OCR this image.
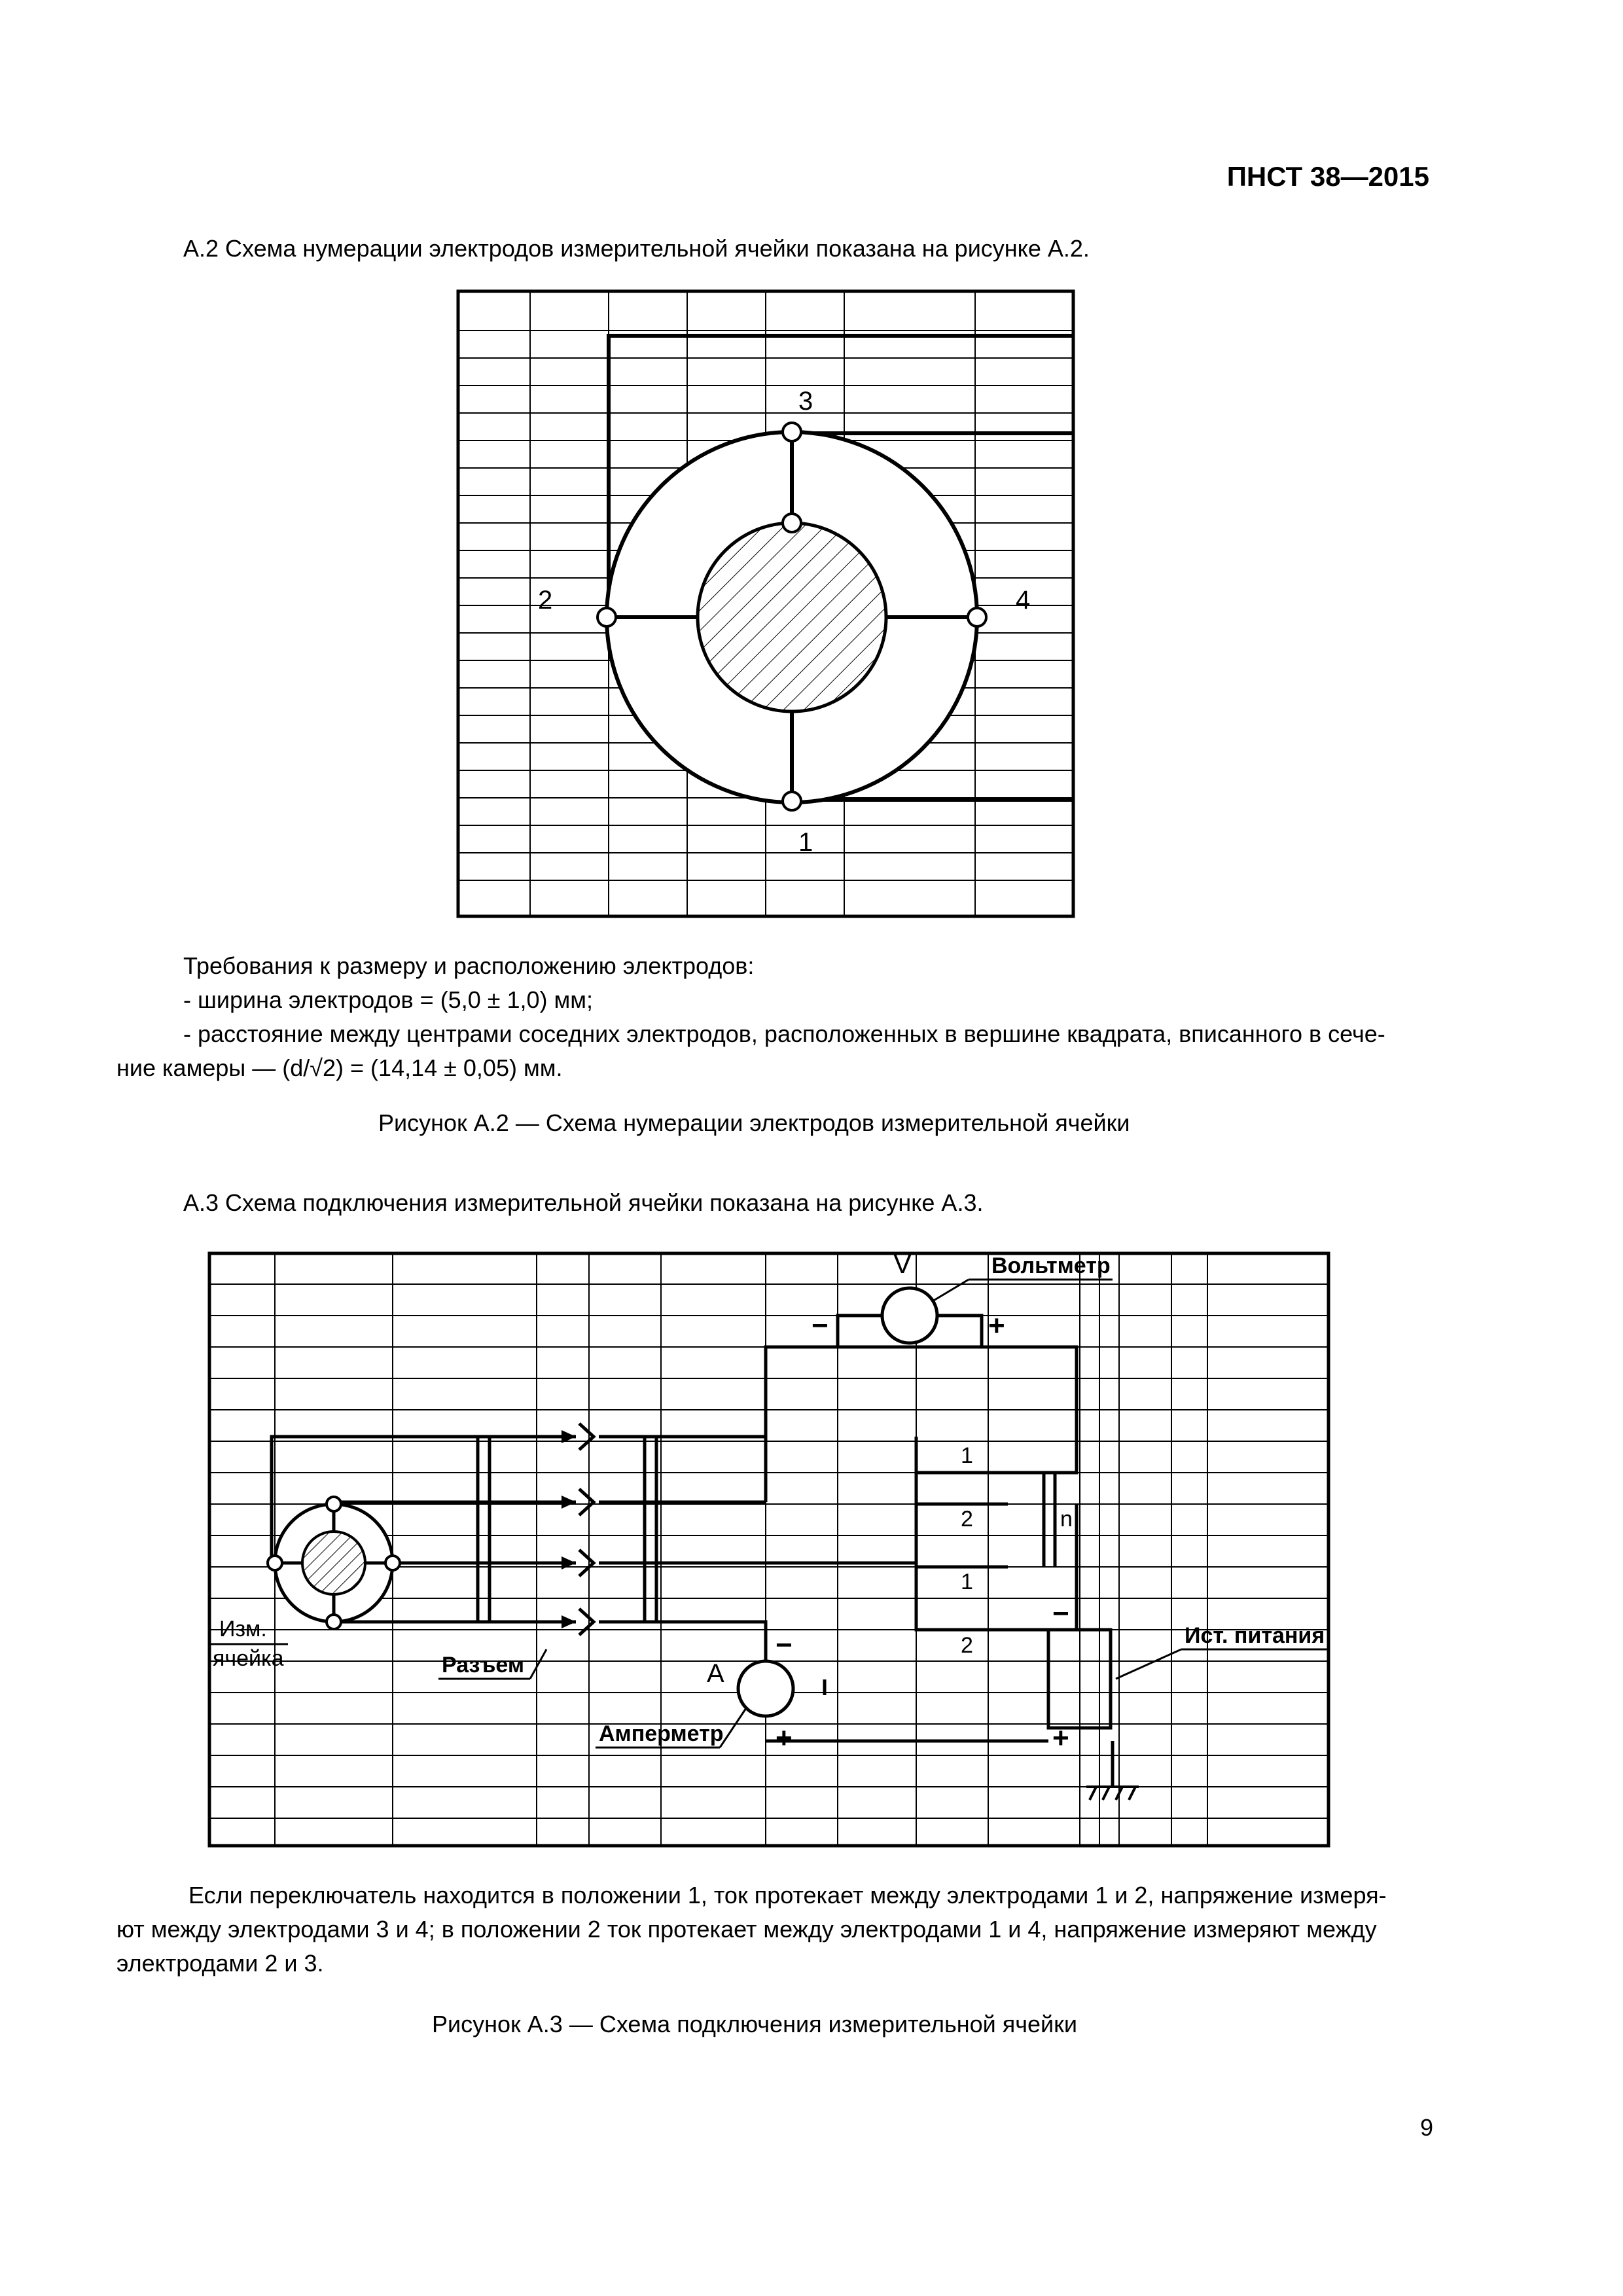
ПНСТ 38—2015

А.2 Схема нумерации электродов измерительной ячейки показана на рисунке А.2.

3
2	4
1

Требования к размеру и расположению электродов:

- ширина электродов = (5,0 ± 1,0) мм;

- расстояние между центрами соседних электродов, расположенных в вершине квадрата, вписанного в сече-

ние камеры — (d/√2) = (14,14 ± 0,05) мм.

Рисунок А.2 — Схема нумерации электродов измерительной ячейки

А.3 Схема подключения измерительной ячейки показана на рисунке А.3.

V	Вольтметр
−	+
1
2	n
1
2
−
+
−
+
Изм.
ячейка	Разъем	А
Амперметр
Ист. питания

Если переключатель находится в положении 1, ток протекает между электродами 1 и 2, напряжение измеря-

ют между электродами 3 и 4; в положении 2 ток протекает между электродами 1 и 4, напряжение измеряют между

электродами 2 и 3.

Рисунок А.3 — Схема подключения измерительной ячейки

9
